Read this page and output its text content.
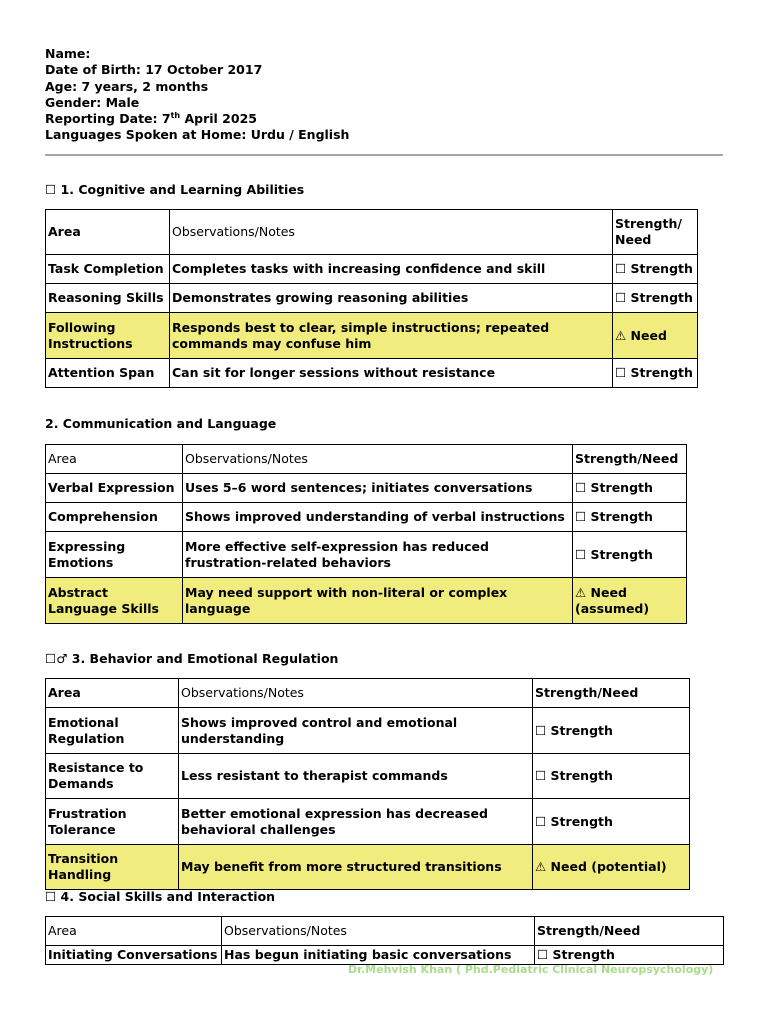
Name:
Date of Birth: 17 October 2017
Age: 7 years, 2 months
Gender: Male
Reporting Date: 7th April 2025
Languages Spoken at Home: Urdu / English
☐ 1. Cognitive and Learning Abilities
Area	Observations/Notes	Strength/ Need
Task Completion	Completes tasks with increasing confidence and skill	☐ Strength
Reasoning Skills	Demonstrates growing reasoning abilities	☐ Strength
Following Instructions	Responds best to clear, simple instructions; repeated commands may confuse him	⚠ Need
Attention Span	Can sit for longer sessions without resistance	☐ Strength
2. Communication and Language
Area	Observations/Notes	Strength/Need
Verbal Expression	Uses 5–6 word sentences; initiates conversations	☐ Strength
Comprehension	Shows improved understanding of verbal instructions	☐ Strength
Expressing Emotions	More effective self-expression has reduced frustration-related behaviors	☐ Strength
Abstract Language Skills	May need support with non-literal or complex language	⚠ Need (assumed)
☐♂ 3. Behavior and Emotional Regulation
Area	Observations/Notes	Strength/Need
Emotional Regulation	Shows improved control and emotional understanding	☐ Strength
Resistance to Demands	Less resistant to therapist commands	☐ Strength
Frustration Tolerance	Better emotional expression has decreased behavioral challenges	☐ Strength
Transition Handling	May benefit from more structured transitions	⚠ Need (potential)
☐ 4. Social Skills and Interaction
Area	Observations/Notes	Strength/Need
Initiating Conversations	Has begun initiating basic conversations	☐ Strength
Dr.Mehvish Khan ( Phd.Pediatric Clinical Neuropsychology)
